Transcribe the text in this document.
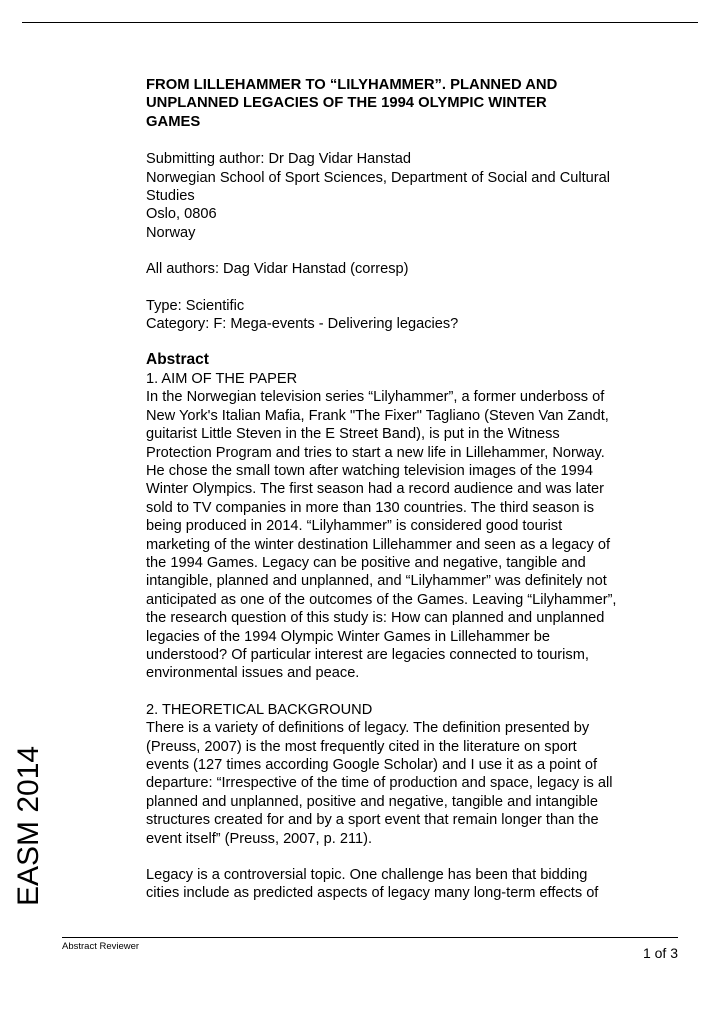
FROM LILLEHAMMER TO “LILYHAMMER”. PLANNED AND
UNPLANNED LEGACIES OF THE 1994 OLYMPIC WINTER
GAMES
Submitting author: Dr Dag Vidar Hanstad
Norwegian School of Sport Sciences, Department of Social and Cultural
Studies
Oslo, 0806
Norway
All authors: Dag Vidar Hanstad (corresp)
Type: Scientific
Category: F: Mega-events - Delivering legacies?
Abstract
1. AIM OF THE PAPER
In the Norwegian television series “Lilyhammer”, a former underboss of
New York's Italian Mafia, Frank "The Fixer" Tagliano (Steven Van Zandt,
guitarist Little Steven in the E Street Band), is put in the Witness
Protection Program and tries to start a new life in Lillehammer, Norway.
He chose the small town after watching television images of the 1994
Winter Olympics. The first season had a record audience and was later
sold to TV companies in more than 130 countries. The third season is
being produced in 2014. “Lilyhammer” is considered good tourist
marketing of the winter destination Lillehammer and seen as a legacy of
the 1994 Games. Legacy can be positive and negative, tangible and
intangible, planned and unplanned, and “Lilyhammer” was definitely not
anticipated as one of the outcomes of the Games. Leaving “Lilyhammer”,
the research question of this study is: How can planned and unplanned
legacies of the 1994 Olympic Winter Games in Lillehammer be
understood? Of particular interest are legacies connected to tourism,
environmental issues and peace.
2. THEORETICAL BACKGROUND
There is a variety of definitions of legacy. The definition presented by
(Preuss, 2007) is the most frequently cited in the literature on sport
events (127 times according Google Scholar) and I use it as a point of
departure: “Irrespective of the time of production and space, legacy is all
planned and unplanned, positive and negative, tangible and intangible
structures created for and by a sport event that remain longer than the
event itself” (Preuss, 2007, p. 211).
Legacy is a controversial topic. One challenge has been that bidding
cities include as predicted aspects of legacy many long-term effects of
EASM 2014
Abstract Reviewer	1 of 3
